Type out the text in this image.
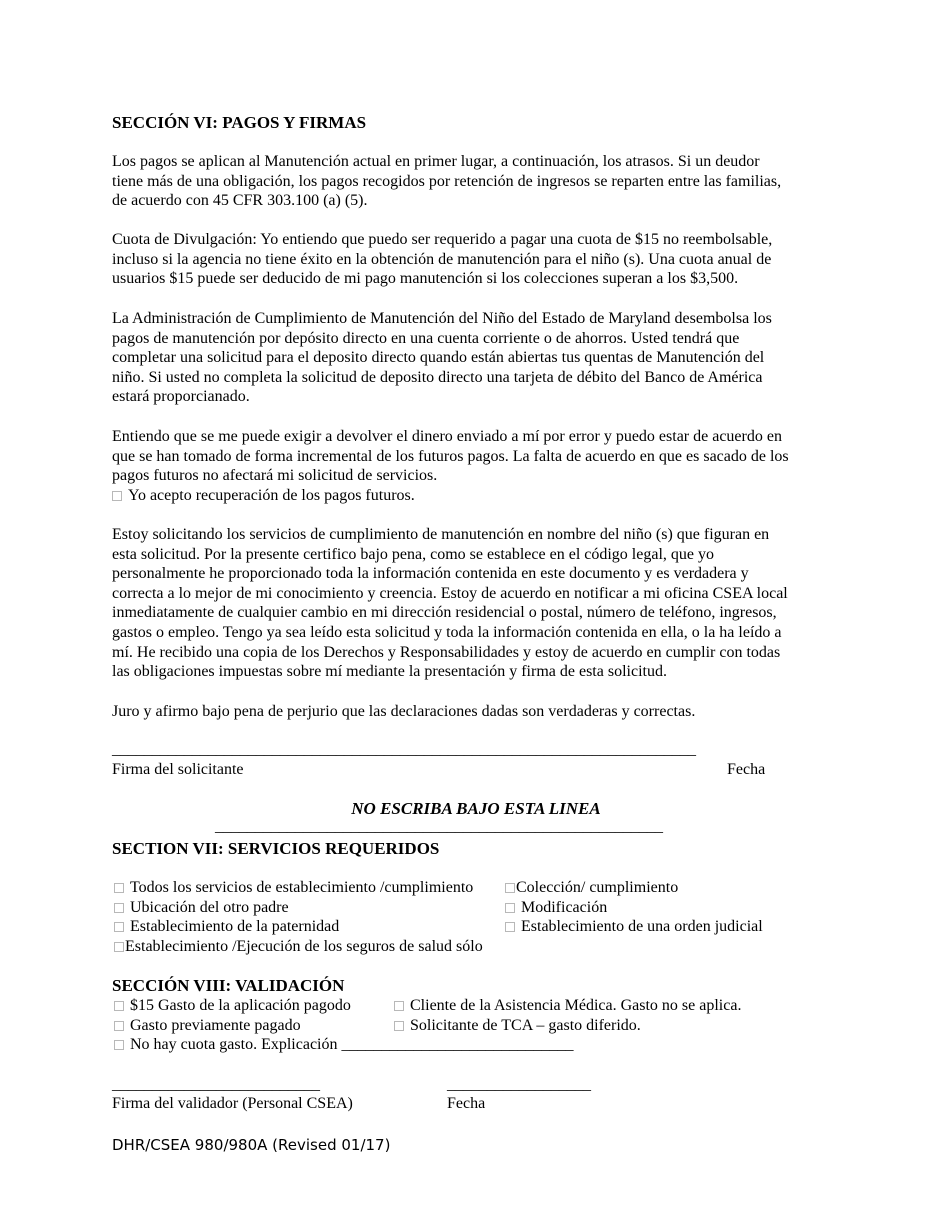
SECCIÓN VI: PAGOS Y FIRMAS
Los pagos se aplican al Manutención actual en primer lugar, a continuación, los atrasos. Si un deudor
tiene más de una obligación, los pagos recogidos por retención de ingresos se reparten entre las familias,
de acuerdo con 45 CFR 303.100 (a) (5).
Cuota de Divulgación: Yo entiendo que puedo ser requerido a pagar una cuota de $15 no reembolsable,
incluso si la agencia no tiene éxito en la obtención de manutención para el niño (s). Una cuota anual de
usuarios $15 puede ser deducido de mi pago manutención si los colecciones superan a los $3,500.
La Administración de Cumplimiento de Manutención del Niño del Estado de Maryland desembolsa los
pagos de manutención por depósito directo en una cuenta corriente o de ahorros. Usted tendrá que
completar una solicitud para el deposito directo quando están abiertas tus quentas de Manutención del
niño. Si usted no completa la solicitud de deposito directo una tarjeta de débito del Banco de América
estará proporcianado.
Entiendo que se me puede exigir a devolver el dinero enviado a mí por error y puedo estar de acuerdo en
que se han tomado de forma incremental de los futuros pagos. La falta de acuerdo en que es sacado de los
pagos futuros no afectará mi solicitud de servicios.
Yo acepto recuperación de los pagos futuros.
Estoy solicitando los servicios de cumplimiento de manutención en nombre del niño (s) que figuran en
esta solicitud. Por la presente certifico bajo pena, como se establece en el código legal, que yo
personalmente he proporcionado toda la información contenida en este documento y es verdadera y
correcta a lo mejor de mi conocimiento y creencia. Estoy de acuerdo en notificar a mi oficina CSEA local
inmediatamente de cualquier cambio en mi dirección residencial o postal, número de teléfono, ingresos,
gastos o empleo. Tengo ya sea leído esta solicitud y toda la información contenida en ella, o la ha leído a
mí. He recibido una copia de los Derechos y Responsabilidades y estoy de acuerdo en cumplir con todas
las obligaciones impuestas sobre mí mediante la presentación y firma de esta solicitud.
Juro y afirmo bajo pena de perjurio que las declaraciones dadas son verdaderas y correctas.
_________________________________________________________________________
Firma del solicitante	Fecha
NO ESCRIBA BAJO ESTA LINEA
________________________________________________________
SECTION VII: SERVICIOS REQUERIDOS
Todos los servicios de establecimiento /cumplimiento	Colección/ cumplimiento
Ubicación del otro padre	Modificación
Establecimiento de la paternidad	Establecimiento de una orden judicial
Establecimiento /Ejecución de los seguros de salud sólo
SECCIÓN VIII: VALIDACIÓN
$15 Gasto de la aplicación pagodo	Cliente de la Asistencia Médica. Gasto no se aplica.
Gasto previamente pagado	Solicitante de TCA – gasto diferido.
No hay cuota gasto. Explicación _____________________________
__________________________	__________________
Firma del validador (Personal CSEA)	Fecha
DHR/CSEA 980/980A (Revised 01/17)
